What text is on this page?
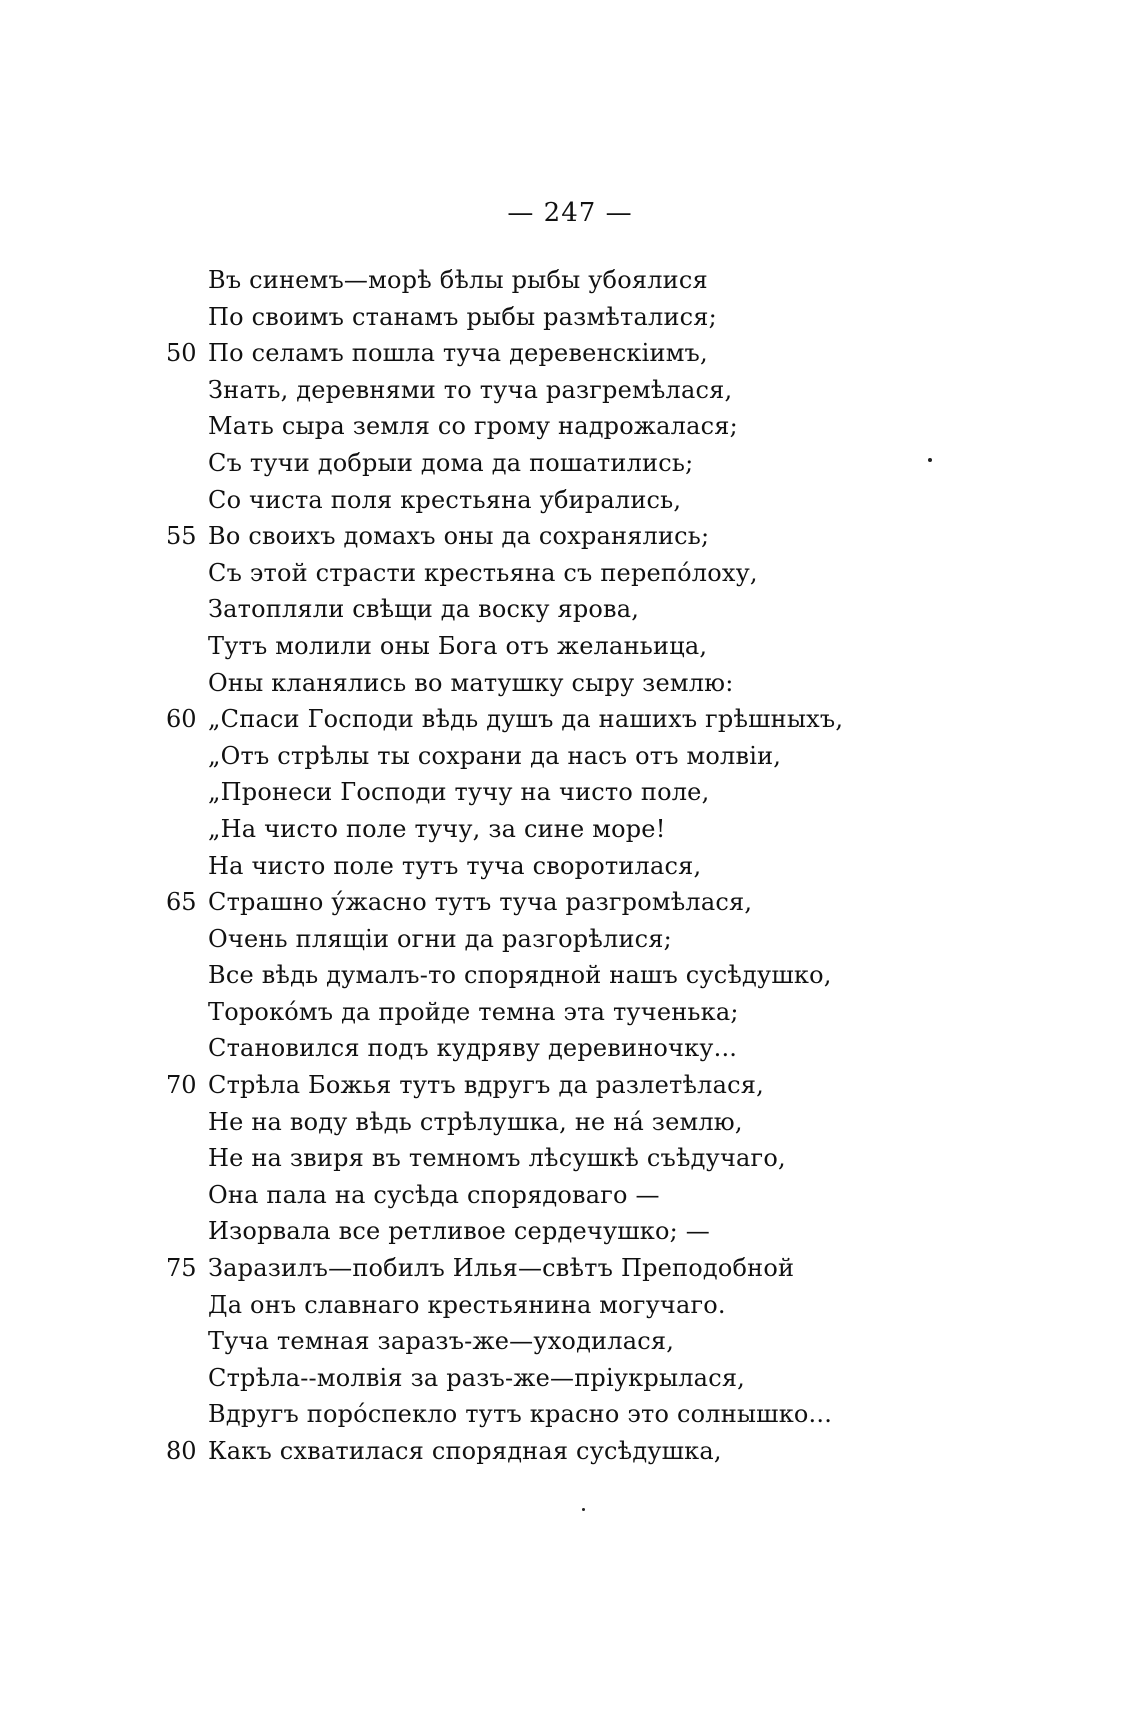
— 247 —
Въ синемъ—морѣ бѣлы рыбы убоялися
По своимъ станамъ рыбы размѣталися;
50 По селамъ пошла туча деревенскіимъ,
Знать, деревнями то туча разгремѣлася,
Мать сыра земля со грому надрожалася;
Съ тучи добрыи дома да пошатились;
Со чиста поля крестьяна убирались,
55 Во своихъ домахъ оны да сохранялись;
Съ этой страсти крестьяна съ перепо́лоху,
Затопляли свѣщи да воску ярова,
Тутъ молили оны Бога отъ желаньица,
Оны кланялись во матушку сыру землю:
60 „Спаси Господи вѣдь душъ да нашихъ грѣшныхъ,
„Отъ стрѣлы ты сохрани да насъ отъ молвіи,
„Пронеси Господи тучу на чисто поле,
„На чисто поле тучу, за сине море!
На чисто поле тутъ туча своротилася,
65 Страшно у́жасно тутъ туча разгромѣлася,
Очень плящіи огни да разгорѣлися;
Все вѣдь думалъ-то спорядной нашъ сусѣдушко,
Торoко́мъ да пройде темна эта тученька;
Становился подъ кудряву деревиночку...
70 Стрѣла Божья тутъ вдругъ да разлетѣлася,
Не на воду вѣдь стрѣлушка, не на́ землю,
Не на звиря въ темномъ лѣсушкѣ съѣдучаго,
Она пала на сусѣда спорядоваго —
Изорвала все ретливое сердечушко; —
75 Заразилъ—побилъ Илья—свѣтъ Преподобной
Да онъ славнаго крестьянина могучаго.
Туча темная заразъ-же—уходилася,
Стрѣла--молвія за разъ-же—пріукрылася,
Вдругъ поро́спекло тутъ красно это солнышко...
80 Какъ схватилася спорядная сусѣдушка,
